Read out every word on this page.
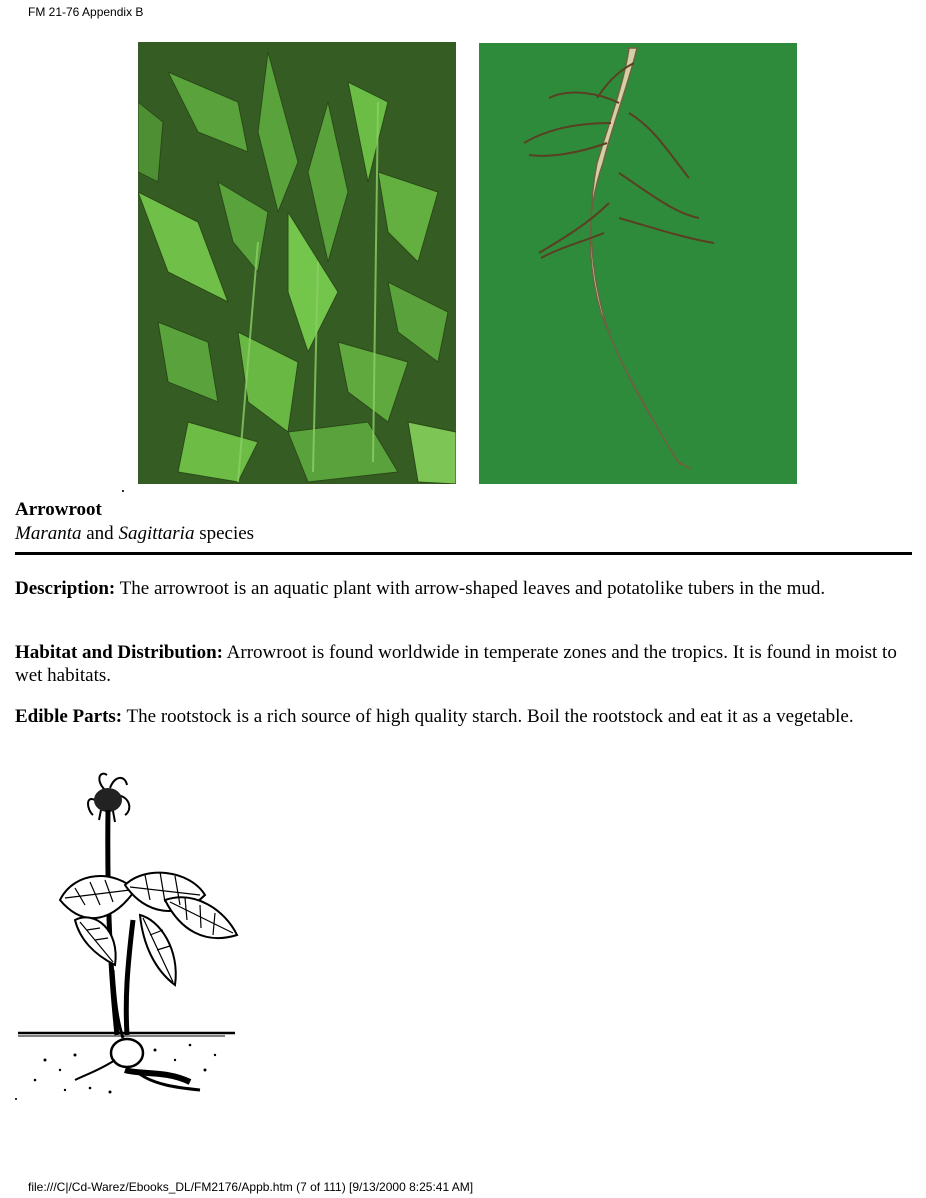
FM 21-76 Appendix B
Arrowroot
Maranta and Sagittaria species

Description: The arrowroot is an aquatic plant with arrow-shaped leaves and potatolike tubers in the mud.

Habitat and Distribution: Arrowroot is found worldwide in temperate zones and the tropics. It is found in moist to wet habitats.

Edible Parts: The rootstock is a rich source of high quality starch. Boil the rootstock and eat it as a vegetable.

file:///C|/Cd-Warez/Ebooks_DL/FM2176/Appb.htm (7 of 111) [9/13/2000 8:25:41 AM]
